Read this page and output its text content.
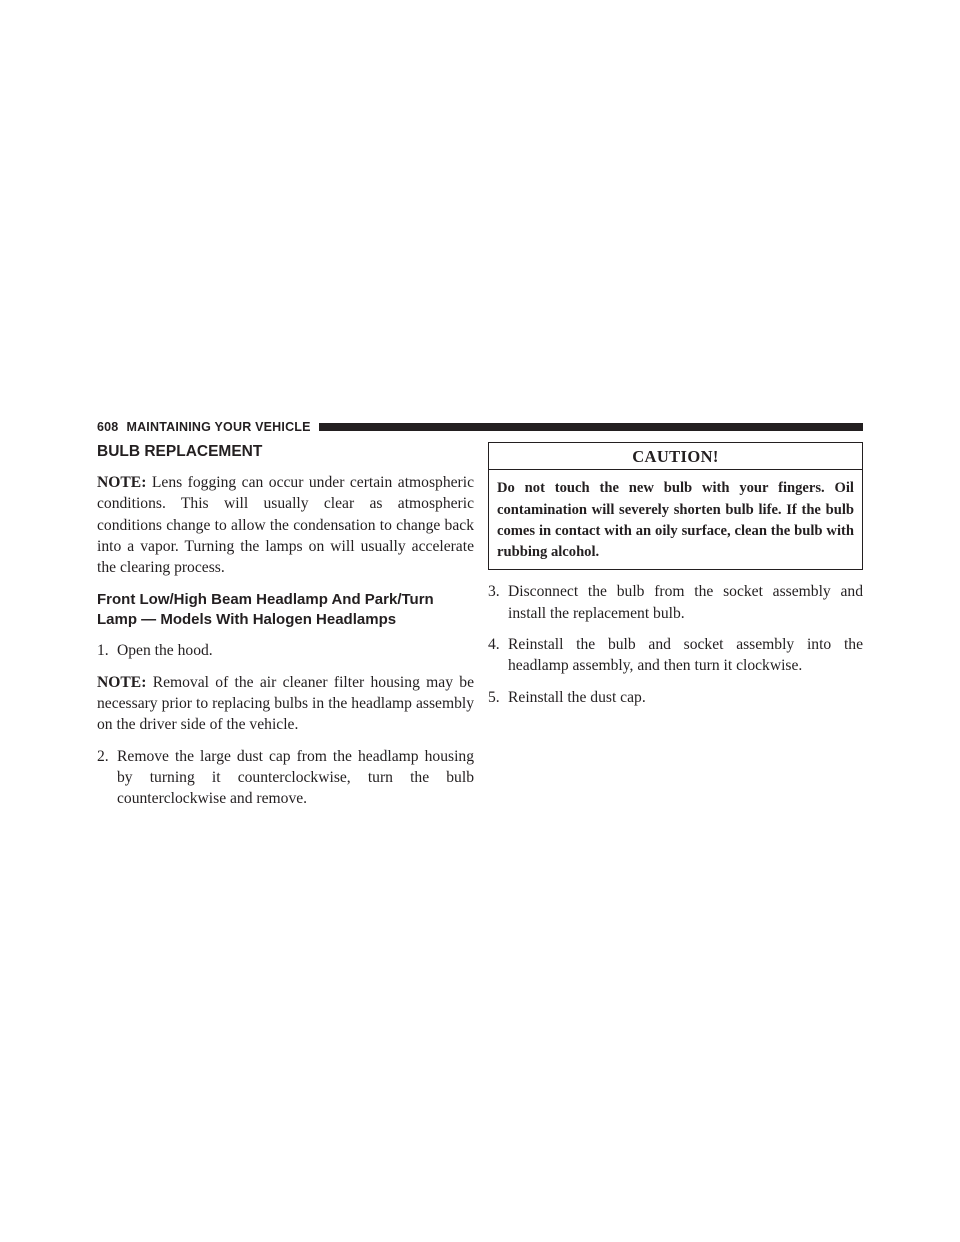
608 MAINTAINING YOUR VEHICLE
BULB REPLACEMENT

NOTE: Lens fogging can occur under certain atmospheric conditions. This will usually clear as atmospheric conditions change to allow the condensation to change back into a vapor. Turning the lamps on will usually accelerate the clearing process.

Front Low/High Beam Headlamp And Park/Turn Lamp — Models With Halogen Headlamps
1. Open the hood.

NOTE: Removal of the air cleaner filter housing may be necessary prior to replacing bulbs in the headlamp assembly on the driver side of the vehicle.

2. Remove the large dust cap from the headlamp housing by turning it counterclockwise, turn the bulb counterclockwise and remove.
CAUTION!
Do not touch the new bulb with your fingers. Oil contamination will severely shorten bulb life. If the bulb comes in contact with an oily surface, clean the bulb with rubbing alcohol.
3. Disconnect the bulb from the socket assembly and install the replacement bulb.
4. Reinstall the bulb and socket assembly into the headlamp assembly, and then turn it clockwise.
5. Reinstall the dust cap.
